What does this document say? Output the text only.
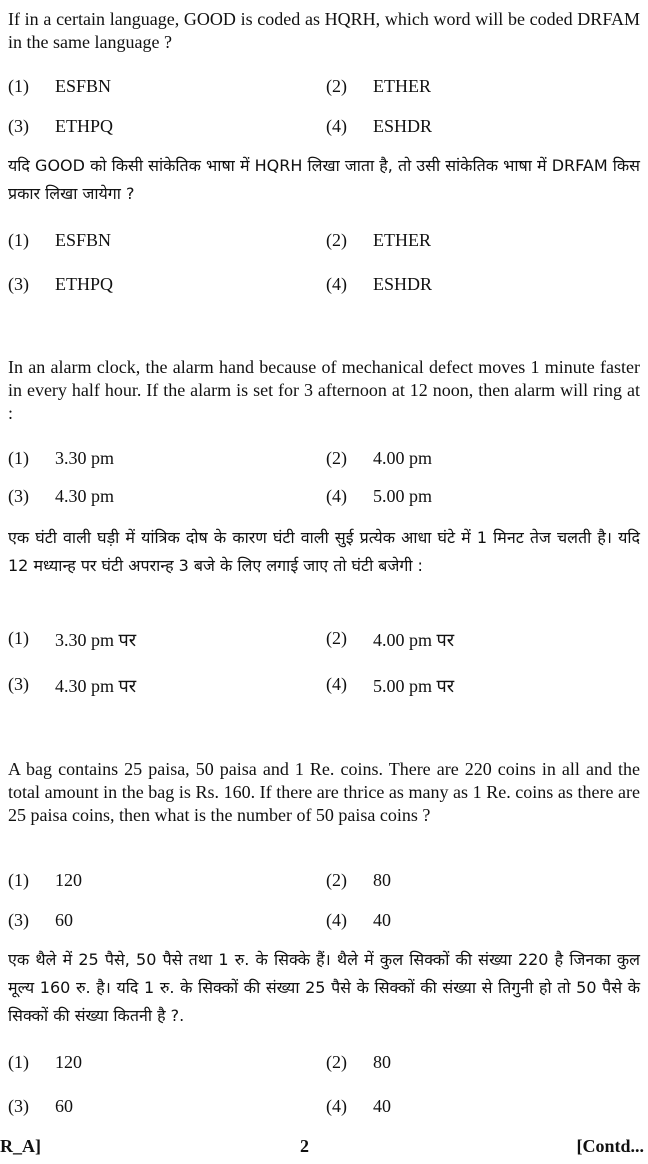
If in a certain language, GOOD is coded as HQRH, which word will be coded DRFAM in the same language ?
(1) ESFBN	(2) ETHER
(3) ETHPQ	(4) ESHDR
यदि GOOD को किसी सांकेतिक भाषा में HQRH लिखा जाता है, तो उसी सांकेतिक भाषा में DRFAM किस प्रकार लिखा जायेगा ?
(1) ESFBN	(2) ETHER
(3) ETHPQ	(4) ESHDR
In an alarm clock, the alarm hand because of mechanical defect moves 1 minute faster in every half hour. If the alarm is set for 3 afternoon at 12 noon, then alarm will ring at :
(1) 3.30 pm	(2) 4.00 pm
(3) 4.30 pm	(4) 5.00 pm
एक घंटी वाली घड़ी में यांत्रिक दोष के कारण घंटी वाली सुई प्रत्येक आधा घंटे में 1 मिनट तेज चलती है। यदि 12 मध्यान्ह पर घंटी अपरान्ह 3 बजे के लिए लगाई जाए तो घंटी बजेगी :
(1) 3.30 pm पर	(2) 4.00 pm पर
(3) 4.30 pm पर	(4) 5.00 pm पर
A bag contains 25 paisa, 50 paisa and 1 Re. coins. There are 220 coins in all and the total amount in the bag is Rs. 160. If there are thrice as many as 1 Re. coins as there are 25 paisa coins, then what is the number of 50 paisa coins ?
(1) 120	(2) 80
(3) 60	(4) 40
एक थैले में 25 पैसे, 50 पैसे तथा 1 रु. के सिक्के हैं। थैले में कुल सिक्कों की संख्या 220 है जिनका कुल मूल्य 160 रु. है। यदि 1 रु. के सिक्कों की संख्या 25 पैसे के सिक्कों की संख्या से तिगुनी हो तो 50 पैसे के सिक्कों की संख्या कितनी है ?.
(1) 120	(2) 80
(3) 60	(4) 40
R_A]	2	[Contd...
